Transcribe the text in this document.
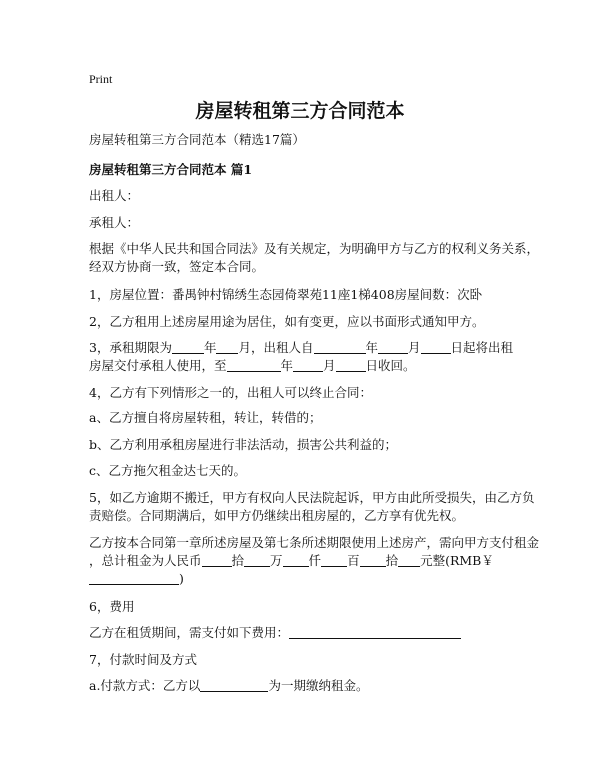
Print
房屋转租第三方合同范本
房屋转租第三方合同范本（精选17篇）
房屋转租第三方合同范本 篇1
出租人：
承租人：
根据《中华人民共和国合同法》及有关规定，为明确甲方与乙方的权利义务关系，
经双方协商一致，签定本合同。
1，房屋位置：番禺钟村锦绣生态园倚翠苑11座1梯408房屋间数：次卧
2，乙方租用上述房屋用途为居住，如有变更，应以书面形式通知甲方。
3，承租期限为	年 月，出租人自	年 月 日起将出租
房屋交付承租人使用，至	年 月 日收回。
4，乙方有下列情形之一的，出租人可以终止合同：
a、乙方擅自将房屋转租，转让，转借的；
b、乙方利用承租房屋进行非法活动，损害公共利益的；
c、乙方拖欠租金达七天的。
5，如乙方逾期不搬迁，甲方有权向人民法院起诉，甲方由此所受损失，由乙方负
责赔偿。合同期满后，如甲方仍继续出租房屋的，乙方享有优先权。
乙方按本合同第一章所述房屋及第七条所述期限使用上述房产，需向甲方支付租金
，总计租金为人民币 拾 万 仟 百 拾 元整(RMB￥
)
6，费用
乙方在租赁期间，需支付如下费用：
7，付款时间及方式
a.付款方式：乙方以	为一期缴纳租金。
